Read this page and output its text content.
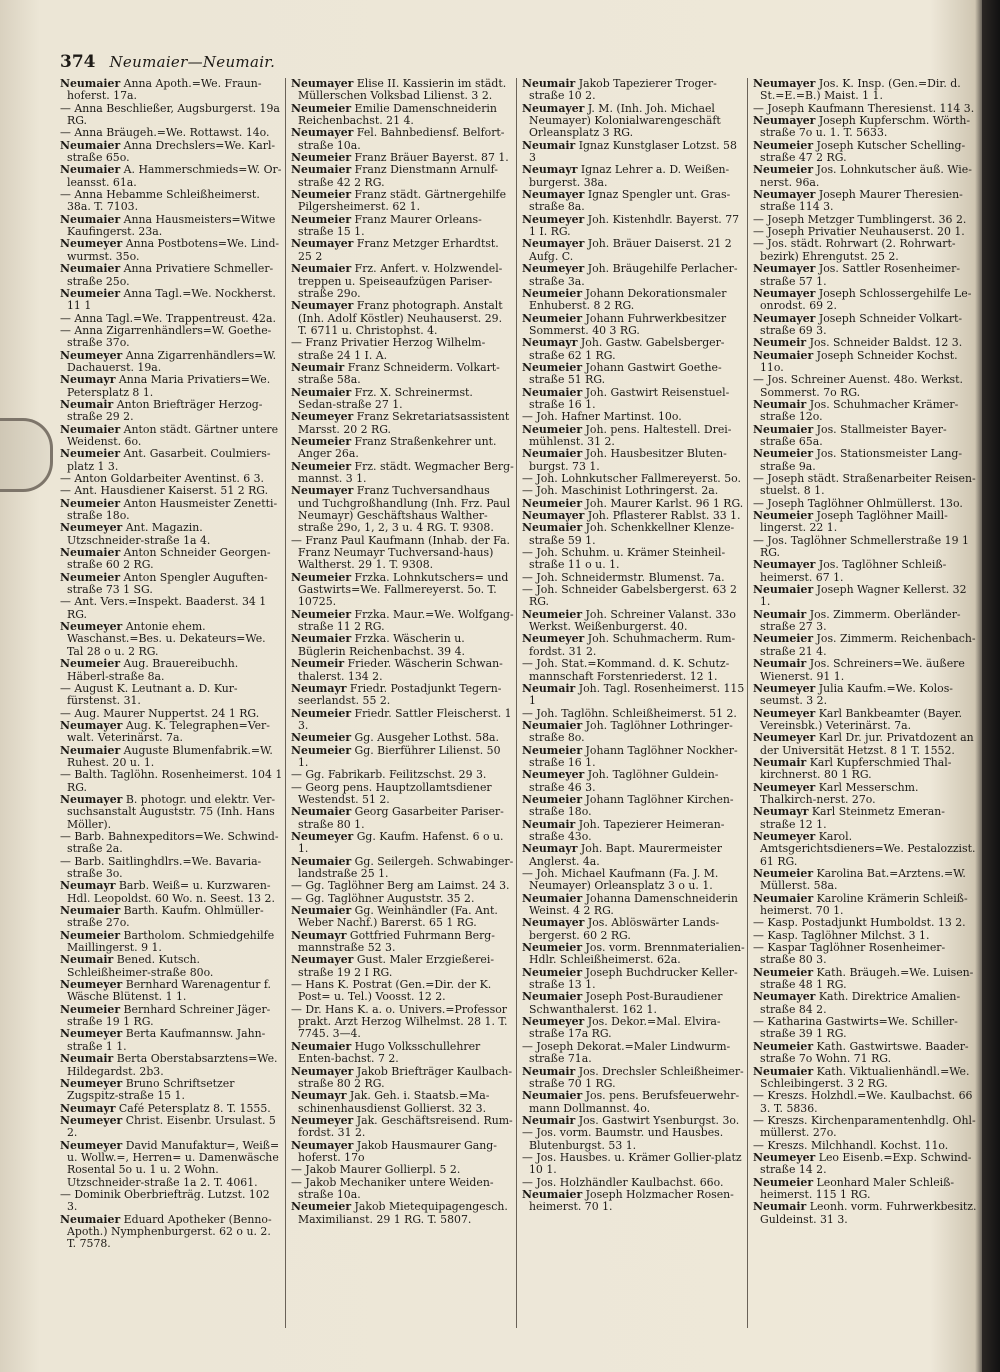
374 Neumaier—Neumair.

Neumaier Anna Apoth.=We. Fraun-hoferst. 17a.

— Anna Beschließer, Augsburgerst. 19a RG.

— Anna Bräugeh.=We. Rottawst. 14o.

Neumaier Anna Drechslers=We. Karl-straße 65o.

Neumaier A. Hammerschmieds=W. Or-leansst. 61a.

— Anna Hebamme Schleißheimerst. 38a. T. 7103.

Neumaier Anna Hausmeisters=Witwe Kaufingerst. 23a.

Neumeyer Anna Postbotens=We. Lind-wurmst. 35o.

Neumaier Anna Privatiere Schmeller-straße 25o.

Neumeier Anna Tagl.=We. Nockherst. 11 1

— Anna Tagl.=We. Trappentreust. 42a.

— Anna Zigarrenhändlers=W. Goethe-straße 37o.

Neumeyer Anna Zigarrenhändlers=W. Dachauerst. 19a.

Neumayr Anna Maria Privatiers=We. Petersplatz 8 1.

Neumair Anton Briefträger Herzog-straße 29 2.

Neumaier Anton städt. Gärtner untere Weidenst. 6o.

Neumeier Ant. Gasarbeit. Coulmiers-platz 1 3.

— Anton Goldarbeiter Aventinst. 6 3.

— Ant. Hausdiener Kaiserst. 51 2 RG.

Neumeier Anton Hausmeister Zenetti-straße 18o.

Neumeyer Ant. Magazin. Utzschneider-straße 1a 4.

Neumaier Anton Schneider Georgen-straße 60 2 RG.

Neumeier Anton Spengler Auguften-straße 73 1 SG.

— Ant. Vers.=Inspekt. Baaderst. 34 1 RG.

Neumeyer Antonie ehem. Waschanst.=Bes. u. Dekateurs=We. Tal 28 o u. 2 RG.

Neumeier Aug. Brauereibuchh. Häberl-straße 8a.

— August K. Leutnant a. D. Kur-fürstenst. 31.

— Aug. Maurer Nuppertst. 24 1 RG.

Neumayer Aug. K. Telegraphen=Ver-walt. Veterinärst. 7a.

Neumaier Auguste Blumenfabrik.=W. Ruhest. 20 u. 1.

— Balth. Taglöhn. Rosenheimerst. 104 1 RG.

Neumayer B. photogr. und elektr. Ver-suchsanstalt Auguststr. 75 (Inh. Hans Möller).

— Barb. Bahnexpeditors=We. Schwind-straße 2a.

— Barb. Saitlinghdlrs.=We. Bavaria-straße 3o.

Neumayr Barb. Weiß= u. Kurzwaren-Hdl. Leopoldst. 60 Wo. n. Seest. 13 2.

Neumaier Barth. Kaufm. Ohlmüller-straße 27o.

Neumeier Bartholom. Schmiedgehilfe Maillingerst. 9 1.

Neumair Bened. Kutsch. Schleißheimer-straße 80o.

Neumeyer Bernhard Warenagentur f. Wäsche Blütenst. 1 1.

Neumeier Bernhard Schreiner Jäger-straße 19 1 RG.

Neumeyer Berta Kaufmannsw. Jahn-straße 1 1.

Neumair Berta Oberstabsarztens=We. Hildegardst. 2b3.

Neumeyer Bruno Schriftsetzer Zugspitz-straße 15 1.

Neumayr Café Petersplatz 8. T. 1555.

Neumeyer Christ. Eisenbr. Ursulast. 5 2.

Neumeyer David Manufaktur=, Weiß= u. Wollw.=, Herren= u. Damenwäsche Rosental 5o u. 1 u. 2 Wohn. Utzschneider-straße 1a 2. T. 4061.

— Dominik Oberbriefträg. Lutzst. 102 3.

Neumaier Eduard Apotheker (Benno-Apoth.) Nymphenburgerst. 62 o u. 2. T. 7578.

Neumayer Elise II. Kassierin im städt. Müllerschen Volksbad Lilienst. 3 2.

Neumeier Emilie Damenschneiderin Reichenbachst. 21 4.

Neumayer Fel. Bahnbediensf. Belfort-straße 10a.

Neumeier Franz Bräuer Bayerst. 87 1.

Neumaier Franz Dienstmann Arnulf-straße 42 2 RG.

Neumeier Franz städt. Gärtnergehilfe Pilgersheimerst. 62 1.

Neumeier Franz Maurer Orleans-straße 15 1.

Neumayer Franz Metzger Erhardtst. 25 2

Neumaier Frz. Anfert. v. Holzwendel-treppen u. Speiseaufzügen Pariser-straße 29o.

Neumayer Franz photograph. Anstalt (Inh. Adolf Köstler) Neuhauserst. 29. T. 6711 u. Christophst. 4.

— Franz Privatier Herzog Wilhelm-straße 24 1 I. A.

Neumair Franz Schneiderm. Volkart-straße 58a.

Neumaier Frz. X. Schreinermst. Sedan-straße 27 1.

Neumeyer Franz Sekretariatsassistent Marsst. 20 2 RG.

Neumeier Franz Straßenkehrer unt. Anger 26a.

Neumeier Frz. städt. Wegmacher Berg-mannst. 3 1.

Neumayer Franz Tuchversandhaus und Tuchgroßhandlung (Inh. Frz. Paul Neumayr) Geschäftshaus Walther-straße 29o, 1, 2, 3 u. 4 RG. T. 9308.

— Franz Paul Kaufmann (Inhab. der Fa. Franz Neumayr Tuchversand-haus) Waltherst. 29 1. T. 9308.

Neumeier Frzka. Lohnkutschers= und Gastwirts=We. Fallmereyerst. 5o. T. 10725.

Neumeier Frzka. Maur.=We. Wolfgang-straße 11 2 RG.

Neumaier Frzka. Wäscherin u. Büglerin Reichenbachst. 39 4.

Neumeir Frieder. Wäscherin Schwan-thalerst. 134 2.

Neumayr Friedr. Postadjunkt Tegern-seerlandst. 55 2.

Neumeier Friedr. Sattler Fleischerst. 1 3.

Neumeier Gg. Ausgeher Lothst. 58a.

Neumeier Gg. Bierführer Lilienst. 50 1.

— Gg. Fabrikarb. Feilitzschst. 29 3.

— Georg pens. Hauptzollamtsdiener Westendst. 51 2.

Neumaier Georg Gasarbeiter Pariser-straße 80 1.

Neumeyer Gg. Kaufm. Hafenst. 6 o u. 1.

Neumaier Gg. Seilergeh. Schwabinger-landstraße 25 1.

— Gg. Taglöhner Berg am Laimst. 24 3.

— Gg. Taglöhner Auguststr. 35 2.

Neumaier Gg. Weinhändler (Fa. Ant. Weber Nachf.) Barerst. 65 1 RG.

Neumayr Gottfried Fuhrmann Berg-mannstraße 52 3.

Neumayer Gust. Maler Erzgießerei-straße 19 2 I RG.

— Hans K. Postrat (Gen.=Dir. der K. Post= u. Tel.) Voosst. 12 2.

— Dr. Hans K. a. o. Univers.=Professor prakt. Arzt Herzog Wilhelmst. 28 1. T. 7745. 3—4.

Neumaier Hugo Volksschullehrer Enten-bachst. 7 2.

Neumayer Jakob Briefträger Kaulbach-straße 80 2 RG.

Neumayr Jak. Geh. i. Staatsb.=Ma-schinenhausdienst Gollierst. 32 3.

Neumeyer Jak. Geschäftsreisend. Rum-fordst. 31 2.

Neumayer Jakob Hausmaurer Gang-hoferst. 17o

— Jakob Maurer Gollierpl. 5 2.

— Jakob Mechaniker untere Weiden-straße 10a.

Neumeier Jakob Mietequipagengesch. Maximilianst. 29 1 RG. T. 5807.

Neumair Jakob Tapezierer Troger-straße 10 2.

Neumayer J. M. (Inh. Joh. Michael Neumayer) Kolonialwarengeschäft Orleansplatz 3 RG.

Neumair Ignaz Kunstglaser Lotzst. 58 3

Neumayr Ignaz Lehrer a. D. Weißen-burgerst. 38a.

Neumayer Ignaz Spengler unt. Gras-straße 8a.

Neumeyer Joh. Kistenhdlr. Bayerst. 77 1 I. RG.

Neumayer Joh. Bräuer Daiserst. 21 2 Aufg. C.

Neumeyer Joh. Bräugehilfe Perlacher-straße 3a.

Neumeier Johann Dekorationsmaler Enhuberst. 8 2 RG.

Neumeier Johann Fuhrwerkbesitzer Sommerst. 40 3 RG.

Neumayr Joh. Gastw. Gabelsberger-straße 62 1 RG.

Neumeier Johann Gastwirt Goethe-straße 51 RG.

Neumaier Joh. Gastwirt Reisenstuel-straße 16 1.

— Joh. Hafner Martinst. 10o.

Neumeier Joh. pens. Haltestell. Drei-mühlenst. 31 2.

Neumaier Joh. Hausbesitzer Bluten-burgst. 73 1.

— Joh. Lohnkutscher Fallmereyerst. 5o.

— Joh. Maschinist Lothringerst. 2a.

Neumeier Joh. Maurer Karlst. 96 1 RG.

Neumayer Joh. Pflasterer Rablst. 33 1.

Neumaier Joh. Schenkkellner Klenze-straße 59 1.

— Joh. Schuhm. u. Krämer Steinheil-straße 11 o u. 1.

— Joh. Schneidermstr. Blumenst. 7a.

— Joh. Schneider Gabelsbergerst. 63 2 RG.

Neumeier Joh. Schreiner Valanst. 33o Werkst. Weißenburgerst. 40.

Neumeyer Joh. Schuhmacherm. Rum-fordst. 31 2.

— Joh. Stat.=Kommand. d. K. Schutz-mannschaft Forstenriederst. 12 1.

Neumair Joh. Tagl. Rosenheimerst. 115 1

— Joh. Taglöhn. Schleißheimerst. 51 2.

Neumaier Joh. Taglöhner Lothringer-straße 8o.

Neumeier Johann Taglöhner Nockher-straße 16 1.

Neumeyer Joh. Taglöhner Guldein-straße 46 3.

Neumeier Johann Taglöhner Kirchen-straße 18o.

Neumair Joh. Tapezierer Heimeran-straße 43o.

Neumayr Joh. Bapt. Maurermeister Anglerst. 4a.

— Joh. Michael Kaufmann (Fa. J. M. Neumayer) Orleansplatz 3 o u. 1.

Neumaier Johanna Damenschneiderin Weinst. 4 2 RG.

Neumayer Jos. Ablöswärter Lands-bergerst. 60 2 RG.

Neumeier Jos. vorm. Brennmaterialien-Hdlr. Schleißheimerst. 62a.

Neumeier Joseph Buchdrucker Keller-straße 13 1.

Neumaier Joseph Post-Buraudiener Schwanthalerst. 162 1.

Neumeyer Jos. Dekor.=Mal. Elvira-straße 17a RG.

— Joseph Dekorat.=Maler Lindwurm-straße 71a.

Neumair Jos. Drechsler Schleißheimer-straße 70 1 RG.

Neumaier Jos. pens. Berufsfeuerwehr-mann Dollmannst. 4o.

Neumair Jos. Gastwirt Ysenburgst. 3o.

— Jos. vorm. Baumstr. und Hausbes. Blutenburgst. 53 1.

— Jos. Hausbes. u. Krämer Gollier-platz 10 1.

— Jos. Holzhändler Kaulbachst. 66o.

Neumaier Joseph Holzmacher Rosen-heimerst. 70 1.

Neumayer Jos. K. Insp. (Gen.=Dir. d. St.=E.=B.) Maist. 1 1.

— Joseph Kaufmann Theresienst. 114 3.

Neumayer Joseph Kupferschm. Wörth-straße 7o u. 1. T. 5633.

Neumeier Joseph Kutscher Schelling-straße 47 2 RG.

Neumeier Jos. Lohnkutscher äuß. Wie-nerst. 96a.

Neumayer Joseph Maurer Theresien-straße 114 3.

— Joseph Metzger Tumblingerst. 36 2.

— Joseph Privatier Neuhauserst. 20 1.

— Jos. städt. Rohrwart (2. Rohrwart-bezirk) Ehrengutst. 25 2.

Neumayer Jos. Sattler Rosenheimer-straße 57 1.

Neumayer Joseph Schlossergehilfe Le-onrodst. 69 2.

Neumayer Joseph Schneider Volkart-straße 69 3.

Neumeir Jos. Schneider Baldst. 12 3.

Neumaier Joseph Schneider Kochst. 11o.

— Jos. Schreiner Auenst. 48o. Werkst. Sommerst. 7o RG.

Neumair Jos. Schuhmacher Krämer-straße 12o.

Neumaier Jos. Stallmeister Bayer-straße 65a.

Neumeier Jos. Stationsmeister Lang-straße 9a.

— Joseph städt. Straßenarbeiter Reisen-stuelst. 8 1.

— Joseph Taglöhner Ohlmüllerst. 13o.

Neumeier Joseph Taglöhner Maill-lingerst. 22 1.

— Jos. Taglöhner Schmellerstraße 19 1 RG.

Neumayer Jos. Taglöhner Schleiß-heimerst. 67 1.

Neumaier Joseph Wagner Kellerst. 32 1.

Neumair Jos. Zimmerm. Oberländer-straße 27 3.

Neumeier Jos. Zimmerm. Reichenbach-straße 21 4.

Neumair Jos. Schreiners=We. äußere Wienerst. 91 1.

Neumeyer Julia Kaufm.=We. Kolos-seumst. 3 2.

Neumeyer Karl Bankbeamter (Bayer. Vereinsbk.) Veterinärst. 7a.

Neumeyer Karl Dr. jur. Privatdozent an der Universität Hetzst. 8 1 T. 1552.

Neumair Karl Kupferschmied Thal-kirchnerst. 80 1 RG.

Neumeyer Karl Messerschm. Thalkirch-nerst. 27o.

Neumayr Karl Steinmetz Emeran-straße 12 1.

Neumeyer Karol. Amtsgerichtsdieners=We. Pestalozzist. 61 RG.

Neumeier Karolina Bat.=Arztens.=W. Müllerst. 58a.

Neumaier Karoline Krämerin Schleiß-heimerst. 70 1.

— Kasp. Postadjunkt Humboldst. 13 2.

— Kasp. Taglöhner Milchst. 3 1.

— Kaspar Taglöhner Rosenheimer-straße 80 3.

Neumeier Kath. Bräugeh.=We. Luisen-straße 48 1 RG.

Neumayer Kath. Direktrice Amalien-straße 84 2.

— Katharina Gastwirts=We. Schiller-straße 39 1 RG.

Neumeier Kath. Gastwirtswe. Baader-straße 7o Wohn. 71 RG.

Neumaier Kath. Viktualienhändl.=We. Schleibingerst. 3 2 RG.

— Kreszs. Holzhdl.=We. Kaulbachst. 66 3. T. 5836.

— Kreszs. Kirchenparamentenhdlg. Ohl-müllerst. 27o.

— Kreszs. Milchhandl. Kochst. 11o.

Neumeyer Leo Eisenb.=Exp. Schwind-straße 14 2.

Neumeier Leonhard Maler Schleiß-heimerst. 115 1 RG.

Neumair Leonh. vorm. Fuhrwerkbesitz. Guldeinst. 31 3.
